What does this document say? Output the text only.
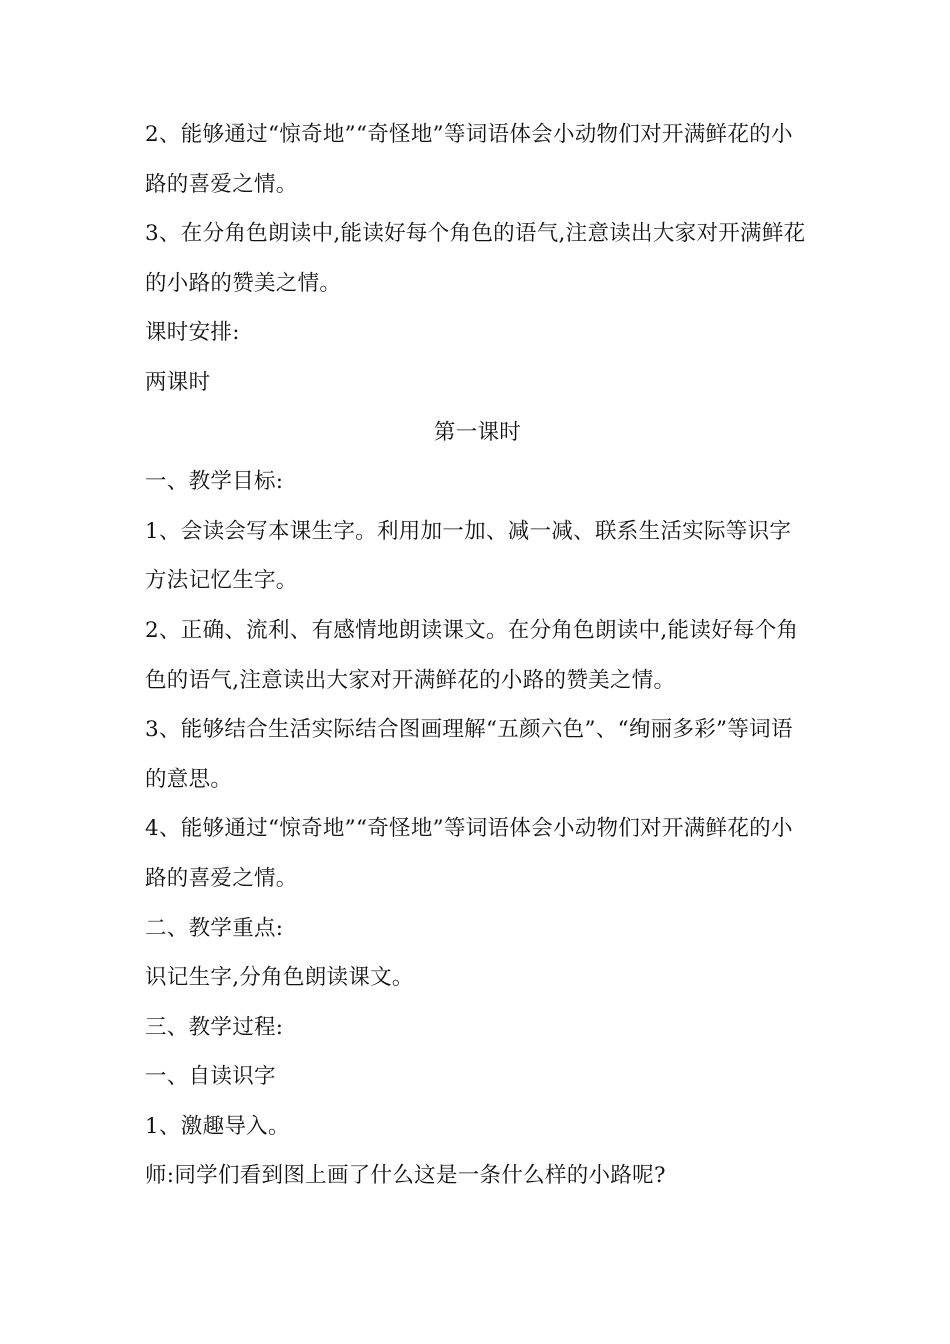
2、能够通过“惊奇地”“奇怪地”等词语体会小动物们对开满鲜花的小路的喜爱之情。

3、在分角色朗读中,能读好每个角色的语气,注意读出大家对开满鲜花的小路的赞美之情。

课时安排:

两课时

第一课时

一、教学目标:

1、会读会写本课生字。利用加一加、减一减、联系生活实际等识字方法记忆生字。

2、正确、流利、有感情地朗读课文。在分角色朗读中,能读好每个角色的语气,注意读出大家对开满鲜花的小路的赞美之情。

3、能够结合生活实际结合图画理解“五颜六色”、“绚丽多彩”等词语的意思。

4、能够通过“惊奇地”“奇怪地”等词语体会小动物们对开满鲜花的小路的喜爱之情。

二、教学重点:

识记生字,分角色朗读课文。

三、教学过程:

一、自读识字

1、激趣导入。

师:同学们看到图上画了什么这是一条什么样的小路呢?
